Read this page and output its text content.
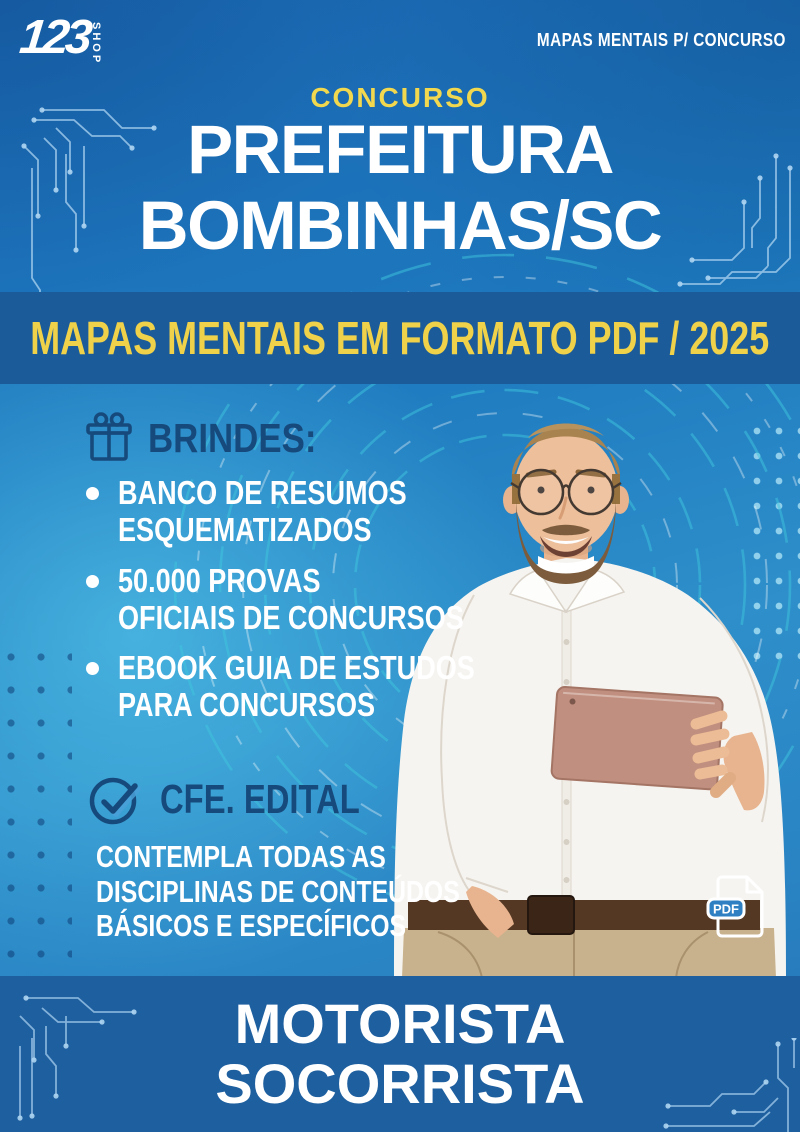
123 SHOP	MAPAS MENTAIS P/ CONCURSO
CONCURSO
PREFEITURA
BOMBINHAS/SC
MAPAS MENTAIS EM FORMATO PDF / 2025
BRINDES:
BANCO DE RESUMOS
ESQUEMATIZADOS
50.000 PROVAS
OFICIAIS DE CONCURSOS
EBOOK GUIA DE ESTUDOS
PARA CONCURSOS
CFE. EDITAL
CONTEMPLA TODAS AS
DISCIPLINAS DE CONTEÚDOS
BÁSICOS E ESPECÍFICOS	PDF
MOTORISTA
SOCORRISTA
